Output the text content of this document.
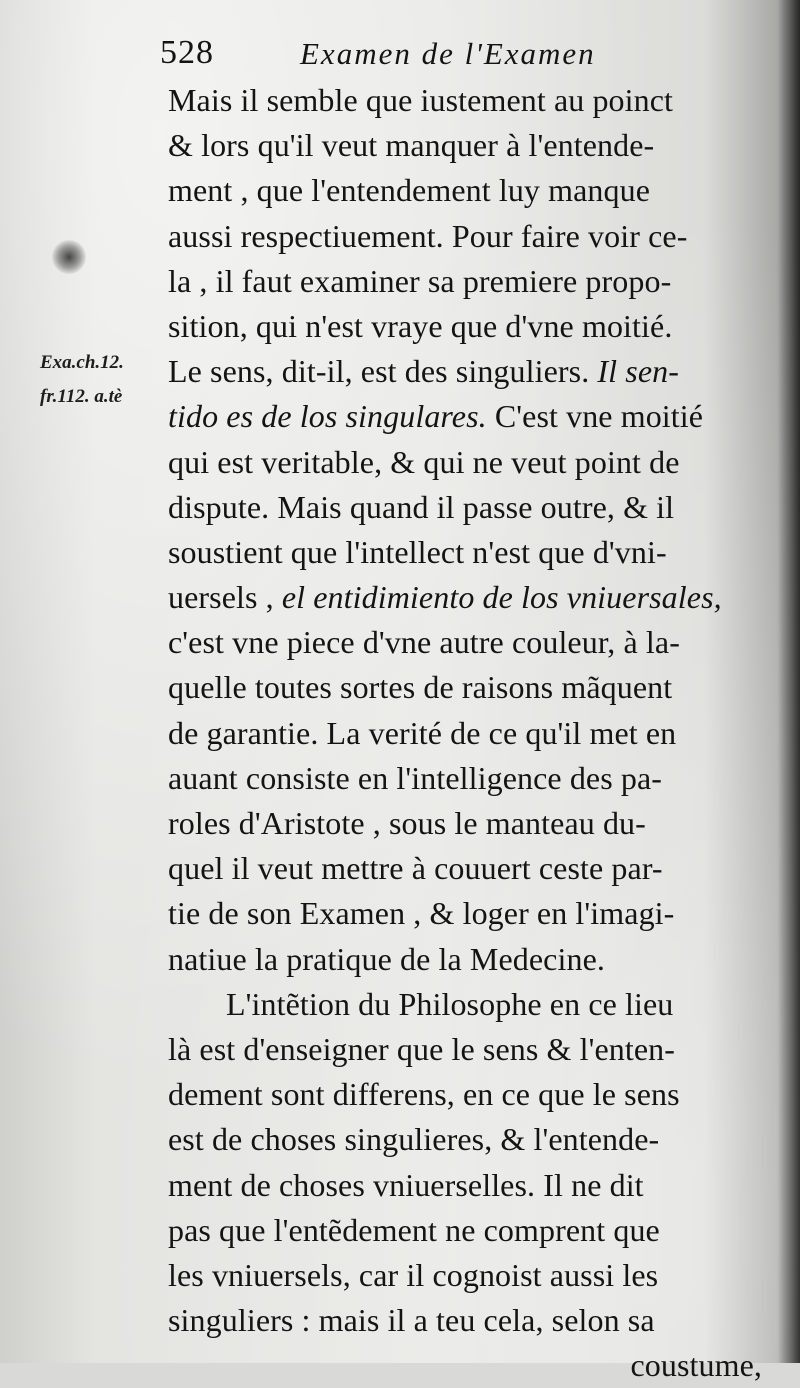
528	Examen de l'Examen
Exa.ch.12.
fr.112. a.tè
Mais il semble que iustement au poinct
& lors qu'il veut manquer à l'entende-
ment , que l'entendement luy manque
aussi respectiuement. Pour faire voir ce-
la , il faut examiner sa premiere propo-
sition, qui n'est vraye que d'vne moitié.
Le sens, dit-il, est des singuliers. Il sen-
tido es de los singulares. C'est vne moitié
qui est veritable, & qui ne veut point de
dispute. Mais quand il passe outre, & il
soustient que l'intellect n'est que d'vni-
uersels , el entidimiento de los vniuersales,
c'est vne piece d'vne autre couleur, à la-
quelle toutes sortes de raisons mãquent
de garantie. La verité de ce qu'il met en
auant consiste en l'intelligence des pa-
roles d'Aristote , sous le manteau du-
quel il veut mettre à couuert ceste par-
tie de son Examen , & loger en l'imagi-
natiue la pratique de la Medecine.
L'intẽtion du Philosophe en ce lieu
là est d'enseigner que le sens & l'enten-
dement sont differens, en ce que le sens
est de choses singulieres, & l'entende-
ment de choses vniuerselles. Il ne dit
pas que l'entẽdement ne comprent que
les vniuersels, car il cognoist aussi les
singuliers : mais il a teu cela, selon sa
coustume,
